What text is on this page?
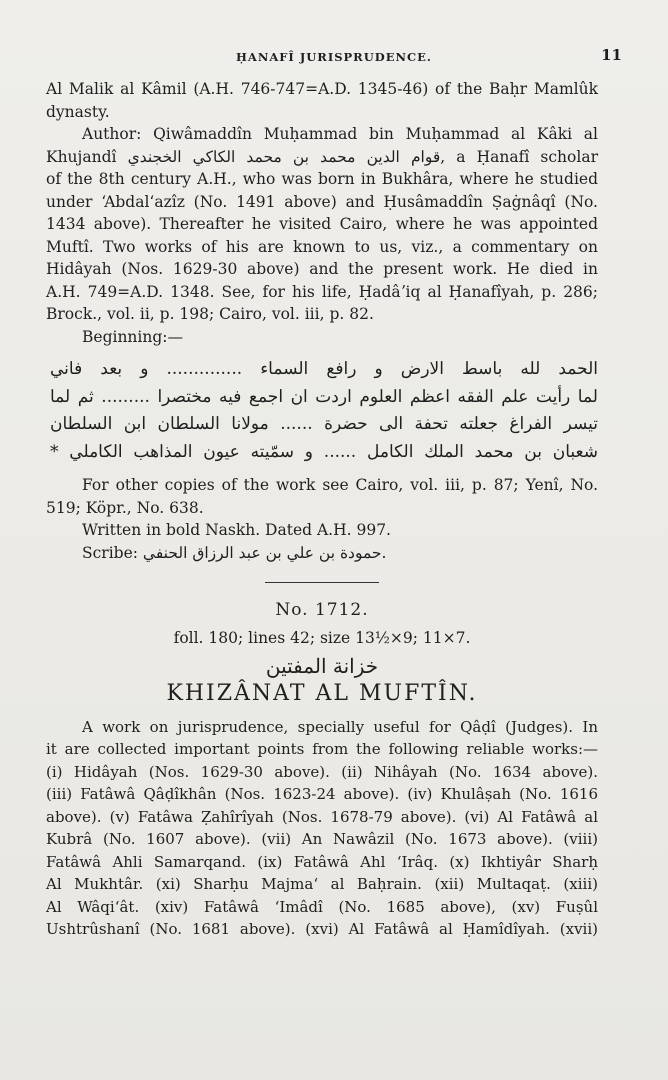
ḤANAFÎ JURISPRUDENCE.	11

Al Malik al Kâmil (A.H. 746-747=A.D. 1345-46) of the Baḥr Mamlûk

dynasty.

Author: Qiwâmaddîn Muḥammad bin Muḥammad al Kâki al

Khujandî قوام الدين محمد بن محمد الكاكي الخجندي, a Ḥanafî scholar

of the 8th century A.H., who was born in Bukhâra, where he studied

under ʻAbdalʻazîz (No. 1491 above) and Ḥusâmaddîn Ṣaġnâqî (No.

1434 above). Thereafter he visited Cairo, where he was appointed

Muftî. Two works of his are known to us, viz., a commentary on

Hidâyah (Nos. 1629-30 above) and the present work. He died in

A.H. 749=A.D. 1348. See, for his life, Ḥadâʼiq al Ḥanafîyah, p. 286;

Brock., vol. ii, p. 198; Cairo, vol. iii, p. 82.

Beginning:—

الحمد لله باسط الارض و رافع السماء .............. و بعد فاني
لما رأيت علم الفقه اعظم العلوم اردت ان اجمع فيه مختصرا ......... ثم لما
تيسر الفراغ جعلته تحفة الى حضرة ...... مولانا السلطان ابن السلطان
شعبان بن محمد الملك الكامل ...... و سمّيته عيون المذاهب الكاملي *

For other copies of the work see Cairo, vol. iii, p. 87; Yenî, No. 519; Köpr., No. 638.

Written in bold Naskh. Dated A.H. 997.

Scribe: حمودة بن علي بن عبد الرزاق الحنفي.

No. 1712.
foll. 180; lines 42; size 13½×9; 11×7.
خزانة المفتين
KHIZÂNAT AL MUFTÎN.

A work on jurisprudence, specially useful for Qâḍî (Judges). In

it are collected important points from the following reliable works:—

(i) Hidâyah (Nos. 1629-30 above). (ii) Nihâyah (No. 1634 above).

(iii) Fatâwâ Qâḍîkhân (Nos. 1623-24 above). (iv) Khulâṣah (No. 1616

above). (v) Fatâwa Ẓahîrîyah (Nos. 1678-79 above). (vi) Al Fatâwâ al

Kubrâ (No. 1607 above). (vii) An Nawâzil (No. 1673 above). (viii)

Fatâwâ Ahli Samarqand. (ix) Fatâwâ Ahl ʻIrâq. (x) Ikhtiyâr Sharḥ

Al Mukhtâr. (xi) Sharḥu Majmaʻ al Baḥrain. (xii) Multaqaṭ. (xiii)

Al Wâqiʻât. (xiv) Fatâwâ ʻImâdî (No. 1685 above), (xv) Fuṣûl

Ushtrûshanî (No. 1681 above). (xvi) Al Fatâwâ al Ḥamîdîyah. (xvii)
